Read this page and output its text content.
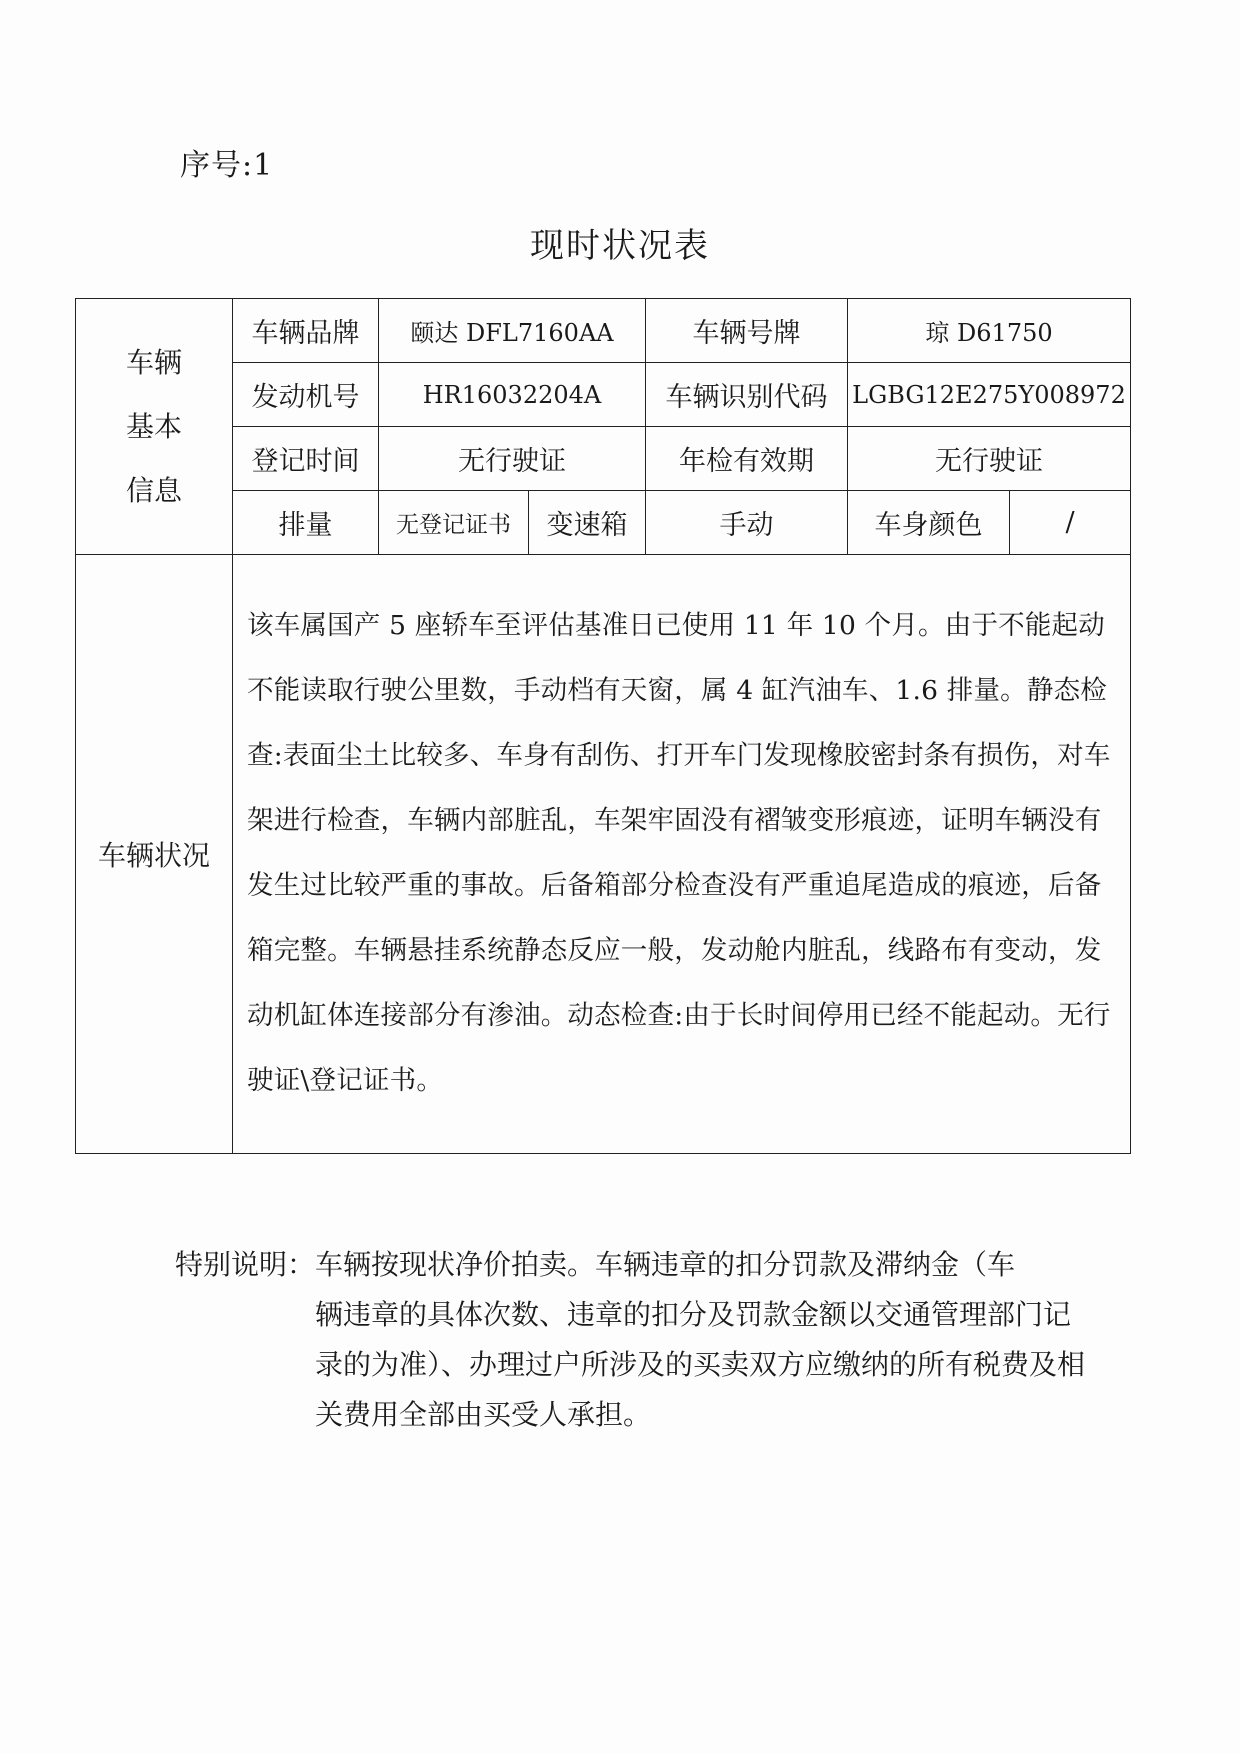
序号:1
现时状况表
车辆
基本
信息	车辆品牌	颐达 DFL7160AA		车辆号牌	琼 D61750	
	发动机号	HR16032204A		车辆识别代码	LGBG12E275Y008972	
	登记时间	无行驶证		年检有效期	无行驶证	
	排量	无登记证书	变速箱	手动	车身颜色	/
车辆状况	该车属国产 5 座轿车至评估基准日已使用 11 年 10 个月。由于不能起动不能读取行驶公里数，手动档有天窗，属 4 缸汽油车、1.6 排量。静态检查:表面尘土比较多、车身有刮伤、打开车门发现橡胶密封条有损伤，对车架进行检查，车辆内部脏乱，车架牢固没有褶皱变形痕迹，证明车辆没有发生过比较严重的事故。后备箱部分检查没有严重追尾造成的痕迹，后备箱完整。车辆悬挂系统静态反应一般，发动舱内脏乱，线路布有变动，发动机缸体连接部分有渗油。动态检查:由于长时间停用已经不能起动。无行驶证\登记证书。					
特别说明： 车辆按现状净价拍卖。车辆违章的扣分罚款及滞纳金（车
辆违章的具体次数、违章的扣分及罚款金额以交通管理部门记录的为准）、办理过户所涉及的买卖双方应缴纳的所有税费及相关费用全部由买受人承担。
